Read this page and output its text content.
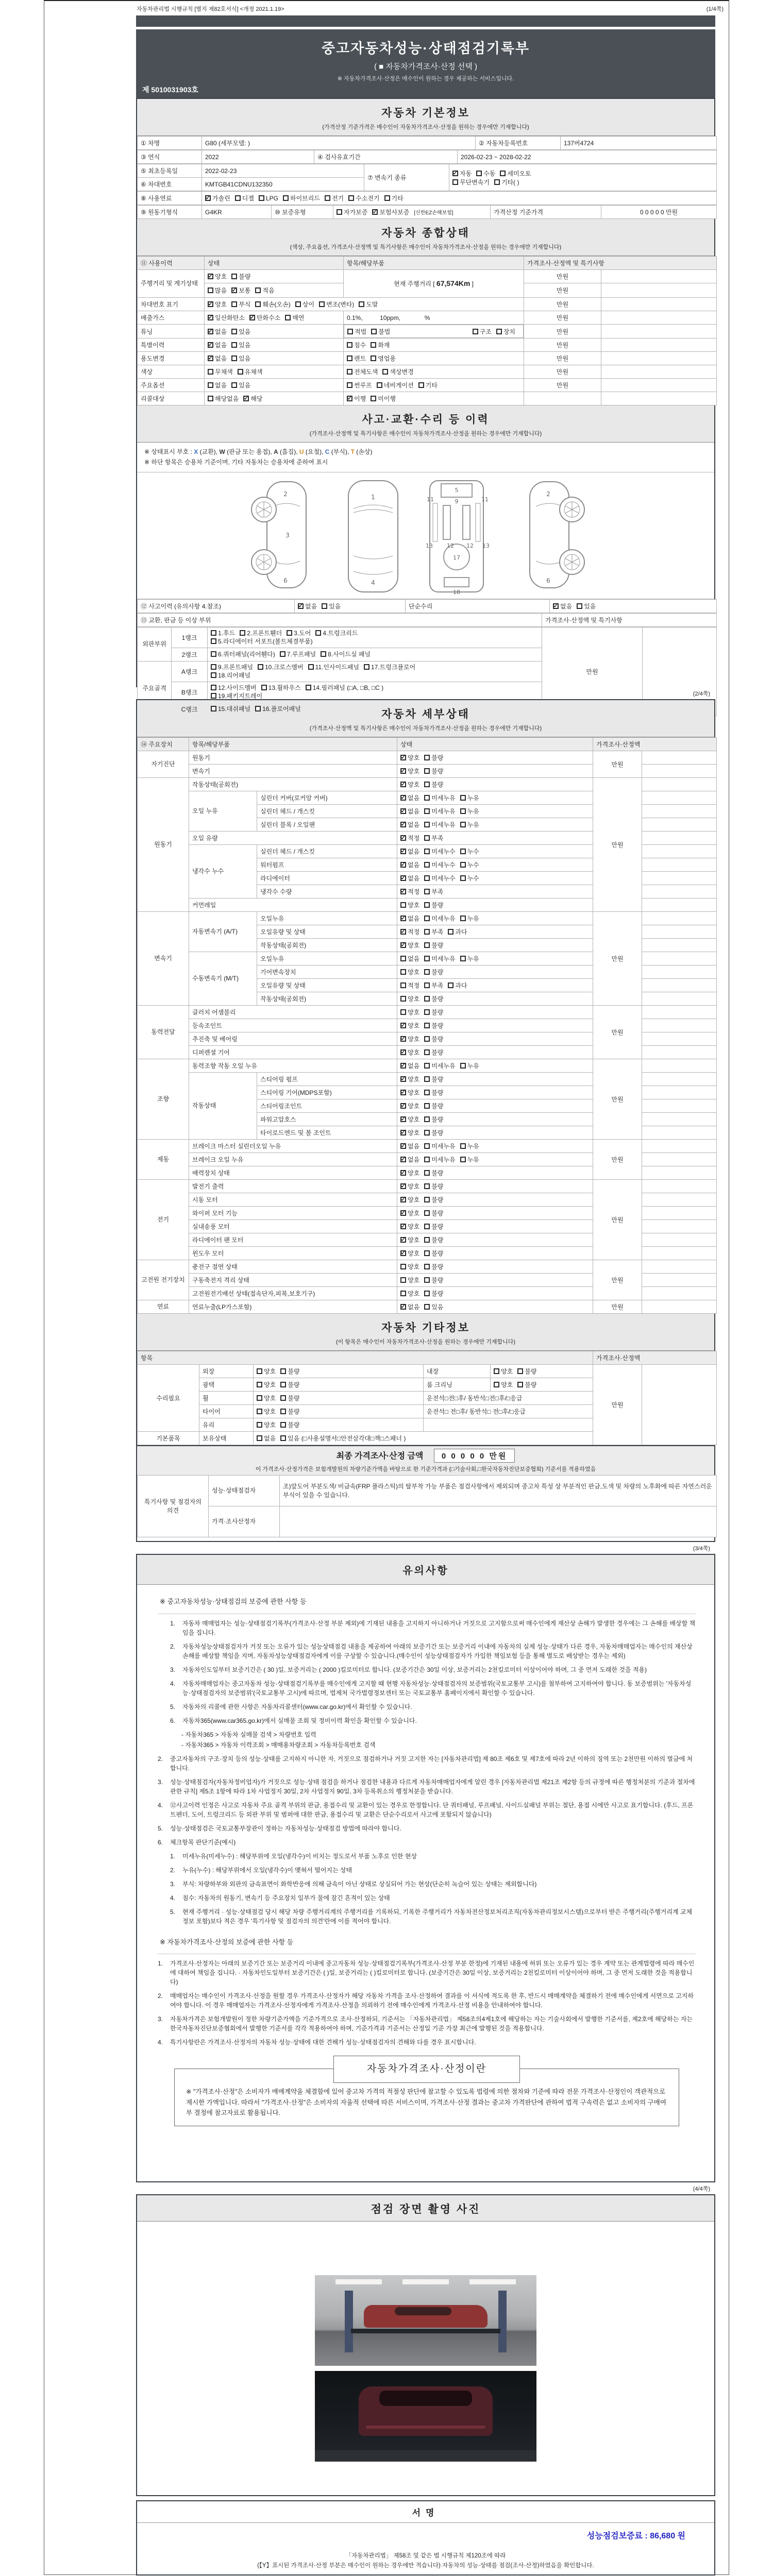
자동차관리법 시행규칙 [별지 제82호서식] <개정 2021.1.19>	(1/4쪽)
중고자동차성능·상태점검기록부
( ■ 자동차가격조사·산정 선택 )
※ 자동차가격조사·산정은 매수인이 원하는 경우 제공하는 서비스입니다.
제 5010031903호
자동차 기본정보
(가격산정 기준가격은 매수인이 자동차가격조사·산정을 원하는 경우에만 기재합니다)
① 차명	G80 (세부모델: )	② 자동차등록번호	137버4724
③ 연식	2022	④ 검사유효기간	2026-02-23 ~ 2028-02-22
⑤ 최초등록일	2022-02-23	⑦ 변속기 종류	✓자동 수동 세미오토
무단변속기 기타( )
⑥ 차대번호	KMTGB41CDNU132350		
⑧ 사용연료	✓가솔린 디젤 LPG 하이브리드 전기 수소전기 기타
⑨ 원동기형식	G4KR	⑩ 보증유형	자가보증 ✓ 보험사보증 [신한EZ손해보험]	가격산정 기준가격	0 0 0 0 0 만원
자동차 종합상태
(색상, 주요옵션, 가격조사·산정액 및 특기사항은 매수인이 자동차가격조사·산정을 원하는 경우에만 기재합니다)
⑪ 사용이력	상태	항목/해당부품	가격조사·산정액 및 특기사항	
주행거리 및 계기상태	✓양호 불량	현재 주행거리 [ 67,574Km ]	만원	
	많음 ✓ 보통 적음		만원	
차대번호 표기	✓양호 부식 훼손(오손) 상이 변조(변타) 도말		만원	
배출가스	✓일산화탄소 ✓ 탄화수소 매연	0.1%,          10ppm,              %	만원	
튜닝	✓없음 있음		적법 불법	구조 장치	만원	
특별이력	✓없음 있음	침수 화재	만원	
용도변경	✓없음 있음	렌트 영업용	만원	
색상	무채색 유채색	전체도색 색상변경	만원	
주요옵션	없음 있음	썬루프 네비게이션 기타	만원	
리콜대상	해당없음 ✓ 해당	✓이행 미이행		
사고·교환·수리 등 이력
(가격조사·산정액 및 특기사항은 매수인이 자동차가격조사·산정을 원하는 경우에만 기재합니다)
※ 상태표시 부호 : X (교환), W (판금 또는 용접), A (흠집), U (요철), C (부식), T (손상)
※ 하단 항목은 승용차 기준이며, 기타 자동차는 승용차에 준하여 표시
2
3
6
1
4
5
9
11	11
13	13
12 12
17
18
2
6
⑫ 사고이력 (유의사항 4.참조)	✓없음 있음	단순수리	✓없음 있음
⑬ 교환, 판금 등 이상 부위	가격조사·산정액 및 특기사항
외판부위	1랭크	1.후드 2.프론트휀더 3.도어 4.트렁크리드
5.라디에이터 서포트(볼트체결부품)	만원	
	2랭크	6.쿼터패널(리어휀다) 7.루프패널 8.사이드실 패널		

주요골격	A랭크	9.프론트패널 10.크로스멤버 11.인사이드패널 17.트렁크플로어
18.리어패널		

	B랭크	12.사이드멤버 13.휠하우스 14.필러패널 (□A, □B, □C )
19.패키지트레이		

	C랭크	15.대쉬패널 16.플로어패널		
(2/4쪽)
자동차 세부상태
(가격조사·산정액 및 특기사항은 매수인이 자동차가격조사·산정을 원하는 경우에만 기재합니다)
⑭ 주요장치	항목/해당부품		상태	가격조사·산정액	
자기진단	원동기	✓양호 불량	만원	
	변속기	✓양호 불량	
원동기	작동상태(공회전)	✓양호 불량	만원	
	오일 누유	실린더 커버(로커암 커버)	✓없음 미세누유 누유	
		실린더 헤드 / 개스킷	✓없음 미세누유 누유	
		실린더 블록 / 오일팬	✓없음 미세누유 누유	
	오일 유량	✓적정 부족	
	냉각수 누수	실린더 헤드 / 개스킷	✓없음 미세누수 누수	
		워터펌프	✓없음 미세누수 누수	
		라디에이터	✓없음 미세누수 누수	
		냉각수 수량	✓적정 부족	
	커먼레일		양호 불량		
변속기	자동변속기 (A/T)	오일누유	✓없음 미세누유 누유	만원	
		오일유량 및 상태	✓적정 부족 과다	
		작동상태(공회전)	✓양호 불량	
	수동변속기 (M/T)	오일누유	없음 미세누유 누유		
		기어변속장치	양호 불량		
		오일유량 및 상태	적정 부족 과다		
		작동상태(공회전)	양호 불량		
동력전달	클러치 어셈블리		양호 불량	만원	
	등속조인트	✓양호 불량	
	추진축 및 베어링	✓양호 불량	
	디퍼렌셜 기어	✓양호 불량	
조향	동력조향 작동 오일 누유	✓없음 미세누유 누유	만원	
	작동상태	스티어링 펌프	✓양호 불량	
		스티어링 기어(MDPS포함)	✓양호 불량	
		스티어링조인트	✓양호 불량	
		파워고압호스	✓양호 불량	
		타이로드엔드 및 볼 조인트	✓양호 불량	
제동	브레이크 마스터 실린더오일 누유	✓없음 미세누유 누유	만원	
	브레이크 오일 누유	✓없음 미세누유 누유	
	배력장치 상태	✓양호 불량	
전기	발전기 출력	✓양호 불량	만원	
	시동 모터	✓양호 불량	
	와이퍼 모터 기능	✓양호 불량	
	실내송풍 모터	✓양호 불량	
	라디에이터 팬 모터	✓양호 불량	
	윈도우 모터	✓양호 불량	
고전원 전기장치	충전구 절연 상태		양호 불량	만원	
	구동축전지 격리 상태		양호 불량		
	고전원전기배선 상태(접속단자,피복,보호기구)		양호 불량		
연료	연료누출(LP가스포함)	✓없음 있음	만원	
자동차 기타정보
(이 항목은 매수인이 자동차가격조사·산정을 원하는 경우에만 기재합니다)
항목					가격조사·산정액	
수리필요	외장	양호 불량	내장	양호 불량	만원	
	광택	양호 불량	룸 크리닝	양호 불량		
	휠	양호 불량	운전석□전□후/ 동반석□전□후/□응급			
	타이어	양호 불량	운전석□ 전□후/ 동반석□ 전□후/□응급			
	유리	양호 불량				
기본품목	보유상태	없음 있음 (□사용설명서□안전삼각대□잭□스패너 )				
최종 가격조사·산정 금액 0 0 0 0 0 만원
이 가격조사·산정가격은 보험개발원의 차량기준가액을 바탕으로 한 기준가격과 (□기술사회,□한국자동차진단보증협회) 기준서를 적용하였음
특기사항 및 점검자의 의견	성능·상태점검자	조)앞도어 부분도색/ 비금속(FRP 플라스틱)의 탈부착 가능 부품은 점검사항에서 제외되며 중고차 특성 상 부분적인 판금,도색 및 차량의 노후화에 따른 자연스러운 부식이 있을 수 있습니다.
	가격·조사산정자	
(3/4쪽)
유의사항
※ 중고자동차성능·상태점검의 보증에 관한 사항 등
1.	자동차 매매업자는 성능·상태점검기록부(가격조사·산정 부분 제외)에 기재된 내용을 고지하지 아니하거나 거짓으로 고지함으로써 매수인에게 재산상 손해가 발생한 경우에는 그 손해를 배상할 책임을 집니다.
2.	자동차성능상태점검자가 거짓 또는 오류가 있는 성능상태점검 내용을 제공하여 아래의 보증기간 또는 보증거리 이내에 자동차의 실제 성능·상태가 다른 경우, 자동차매매업자는 매수인의 재산상 손해를 배상할 책임을 지며, 자동차성능상태점검자에게 이를 구상할 수 있습니다.(매수인이 성능상태점검자가 가입한 책임보험 등을 통해 별도로 배상받는 경우는 제외)
3.	자동차인도일부터 보증기간은 ( 30 )일, 보증거리는 ( 2000 )킬로미터로 합니다. (보증기간은 30일 이상, 보증거리는 2천킬로미터 이상이어야 하며, 그 중 먼저 도래한 것을 적용)
4.	자동차매매업자는 중고자동차 성능·상태점검기록부를 매수인에게 고지할 때 현행 자동차성능·상태점검자의 보증범위(국토교통부 고시)를 첨부하여 고지하여야 합니다. 동 보증범위는 '자동차성능·상태점검자의 보증범위'(국토교통부 고시)에 따르며, 법제처 국가법령정보센터 또는 국토교통부 홈페이지에서 확인할 수 있습니다.
5.	자동차의 리콜에 관한 사항은 자동차리콜센터(www.car.go.kr)에서 확인할 수 있습니다.
6.	자동차365(www.car365.go.kr)에서 실매물 조회 및 정비이력 확인을 확인할 수 있습니다.
- 자동차365 > 자동차 실매물 검색 > 차량번호 입력
- 자동차365 > 자동차 이력조회 > 매매용차량조회 > 자동차등록번호 검색
2.	중고자동차의 구조·장치 등의 성능·상태를 고지하지 아니한 자, 거짓으로 점검하거나 거짓 고지한 자는 [자동차관리법] 제 80조 제6호 및 제7호에 따라 2년 이하의 징역 또는 2천만원 이하의 벌금에 처합니다.
3.	성능·상태점검자(자동차정비업자)가 거짓으로 성능·상태 점검을 하거나 점검한 내용과 다르게 자동차매매업자에게 알린 경우 [자동차관리법 제21조 제2항 등의 규정에 따른 행정처분의 기준과 절차에 관한 규칙] 제5조 1항에 따라 1차 사업정지 30일, 2차 사업정지 90일, 3차 등록취소의 행정처분을 받습니다.
4.	⑫사고이력 인정은 사고로 자동차 주요 골격 부위의 판금, 용접수리 및 교환이 있는 경우로 한정합니다. 단 쿼터패널, 루프패널, 사이드실패널 부위는 절단, 용접 시에만 사고로 표기합니다. (후드, 프론트펜더, 도어, 트렁크리드 등 외판 부위 및 범퍼에 대한 판금, 용접수리 및 교환은 단순수리로서 사고에 포함되지 않습니다)
5.	성능·상태점검은 국토교통부장관이 정하는 자동차성능·상태점검 방법에 따라야 합니다.
6.	체크항목 판단기준(예시)
1.	미세누유(미세누수) : 해당부위에 오일(냉각수)이 비치는 정도로서 부품 노후로 인한 현상
2.	누유(누수) : 해당부위에서 오일(냉각수)이 맺혀서 떨어지는 상태
3.	부식: 차량하부와 외판의 금속표면이 화학반응에 의해 금속이 아닌 상태로 상실되어 가는 현상(단순히 녹슬어 있는 상태는 제외합니다)
4.	침수: 자동차의 원동기, 변속기 등 주요장치 일부가 물에 잠긴 흔적이 있는 상태
5.	현재 주행거리 · 성능·상태점검 당시 해당 차량 주행거리계의 주행거리를 기록하되, 기록한 주행거리가 자동차전산정보처리조직(자동차관리정보시스템)으로부터 받은 주행거리(주행거리계 교체 정보 포함)보다 적은 경우 '특기사항 및 점검자의 의견'란에 이를 적어야 합니다.
※ 자동차가격조사·산정의 보증에 관한 사항 등
1.	가격조사·산정자는 아래의 보증기간 또는 보증거리 이내에 중고자동차 성능·상태점검기록부(가격조사·산정 부분 한정)에 기재된 내용에 허위 또는 오류가 있는 경우 계약 또는 관계법령에 따라 매수인에 대하여 책임을 집니다. · 자동차인도일부터 보증기간은 ( )일, 보증거리는 ( )킬로미터로 합니다. (보증기간은 30일 이상, 보증거리는 2천킬로미터 이상이어야 하며, 그 중 먼저 도래한 것을 적용합니다)
2.	매매업자는 매수인이 가격조사·산정을 원할 경우 가격조사·산정자가 해당 자동차 가격을 조사·산정하여 결과를 이 서식에 적도록 한 후, 반드시 매매계약을 체결하기 전에 매수인에게 서면으로 고지하여야 합니다. 이 경우 매매업자는 가격조사·산정자에게 가격조사·산정을 의뢰하기 전에 매수인에게 가격조사·산정 비용을 안내하여야 합니다.
3.	자동차가격은 보험개발원이 정한 차량기준가액을 기준가격으로 조사·산정하되, 기준서는 「자동차관리법」 제58조의4제1호에 해당하는 자는 기술사회에서 발행한 기준서를, 제2호에 해당하는 자는 한국자동차진단보증협회에서 발행한 기준서를 각각 적용하여야 하며, 기준가격과 기준서는 산정일 기준 가장 최근에 발행된 것을 적용합니다.
4.	특기사항란은 가격조사·산정자의 자동차 성능·상태에 대한 견해가 성능·상태점검자의 견해와 다를 경우 표시합니다.
자동차가격조사·산정이란
※ "가격조사·산정"은 소비자가 매매계약을 체결함에 있어 중고차 가격의 적절성 판단에 참고할 수 있도록 법령에 의한 절차와 기준에 따라 전문 가격조사·산정인이 객관적으로 제시한 가액입니다. 따라서 "가격조사·산정"은 소비자의 자율적 선택에 따른 서비스이며, 가격조사·산정 결과는 중고차 가격판단에 관하여 법적 구속력은 없고 소비자의 구매여부 결정에 참고자료로 활용됩니다.
(4/4쪽)
점검 장면 촬영 사진
서명
성능점검보증료 : 86,680 원
「자동차관리법」 제58조 및 같은 법 시행규칙 제120조에 따라
(【Y】표시된 가격조사·산정 부분은 매수인이 원하는 경우에만 적습니다) 자동차의 성능·상태를 점검(조사·산정)하였음을 확인합니다.
